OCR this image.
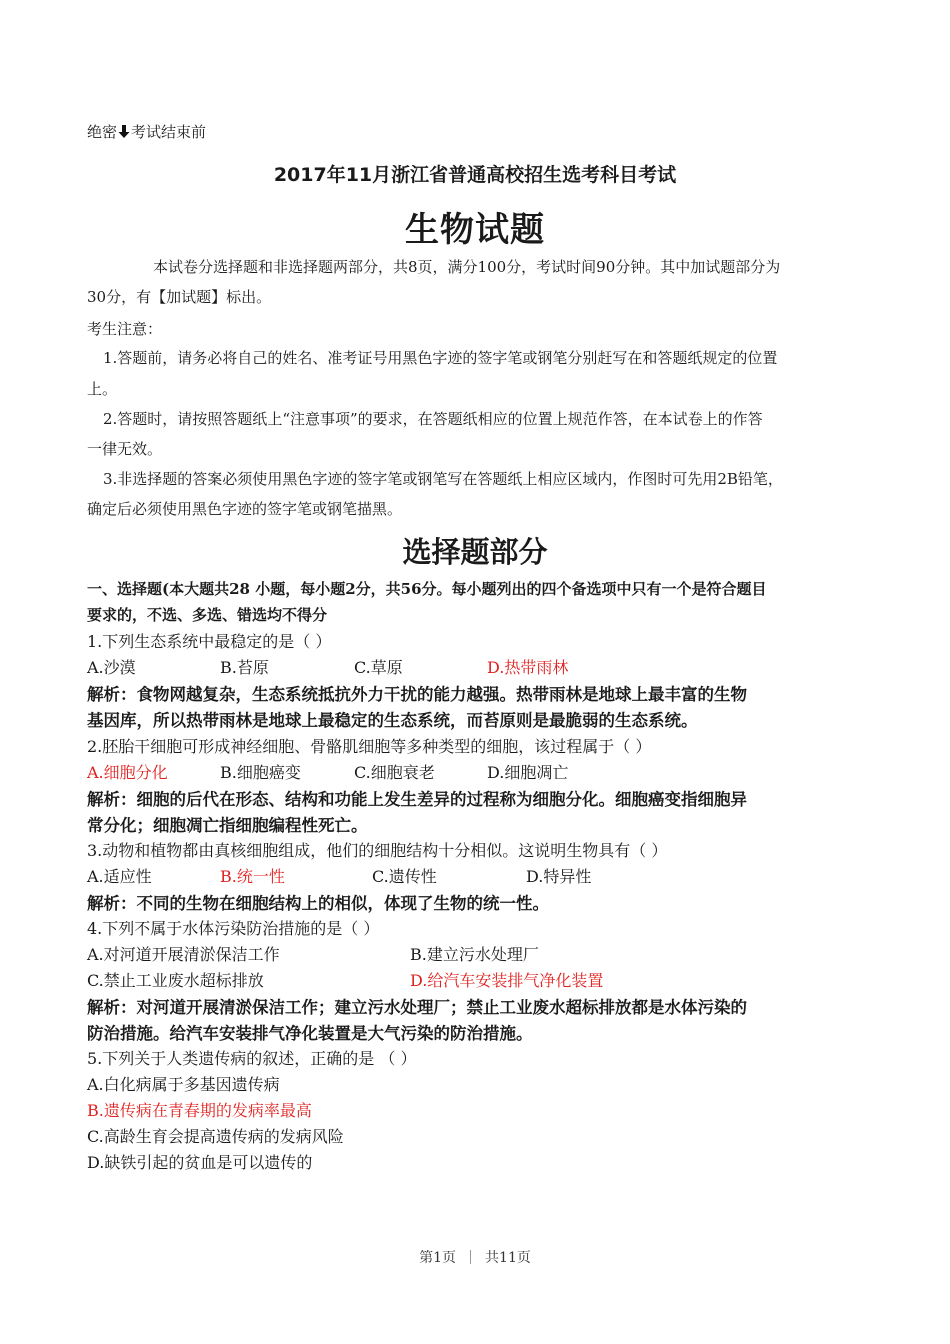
绝密 考试结束前
2017年11月浙江省普通高校招生选考科目考试
生物试题
本试卷分选择题和非选择题两部分，共8页，满分100分，考试时间90分钟。其中加试题部分为
30分，有【加试题】标出。
考生注意：
1.答题前，请务必将自己的姓名、准考证号用黑色字迹的签字笔或钢笔分别赶写在和答题纸规定的位置
上。
2.答题时，请按照答题纸上“注意事项”的要求，在答题纸相应的位置上规范作答，在本试卷上的作答
一律无效。
3.非选择题的答案必须使用黑色字迹的签字笔或钢笔写在答题纸上相应区域内，作图时可先用2B铅笔，
确定后必须使用黑色字迹的签字笔或钢笔描黑。
选择题部分
一、选择题(本大题共28 小题，每小题2分，共56分。每小题列出的四个备选项中只有一个是符合题目
要求的，不选、多选、错选均不得分
1.下列生态系统中最稳定的是（ ）
A.沙漠	B.苔原	C.草原	D.热带雨林
解析：食物网越复杂，生态系统抵抗外力干扰的能力越强。热带雨林是地球上最丰富的生物
基因库，所以热带雨林是地球上最稳定的生态系统，而苔原则是最脆弱的生态系统。
2.胚胎干细胞可形成神经细胞、骨骼肌细胞等多种类型的细胞，该过程属于（ ）
A.细胞分化	B.细胞癌变	C.细胞衰老	D.细胞凋亡
解析：细胞的后代在形态、结构和功能上发生差异的过程称为细胞分化。细胞癌变指细胞异
常分化；细胞凋亡指细胞编程性死亡。
3.动物和植物都由真核细胞组成，他们的细胞结构十分相似。这说明生物具有（ ）
A.适应性	B.统一性	C.遗传性	D.特异性
解析：不同的生物在细胞结构上的相似，体现了生物的统一性。
4.下列不属于水体污染防治措施的是（ ）
A.对河道开展清淤保洁工作	B.建立污水处理厂
C.禁止工业废水超标排放	D.给汽车安装排气净化装置
解析：对河道开展清淤保洁工作；建立污水处理厂；禁止工业废水超标排放都是水体污染的
防治措施。给汽车安装排气净化装置是大气污染的防治措施。
5.下列关于人类遗传病的叙述，正确的是 （ ）
A.白化病属于多基因遗传病
B.遗传病在青春期的发病率最高
C.高龄生育会提高遗传病的发病风险
D.缺铁引起的贫血是可以遗传的
第1页 共11页
